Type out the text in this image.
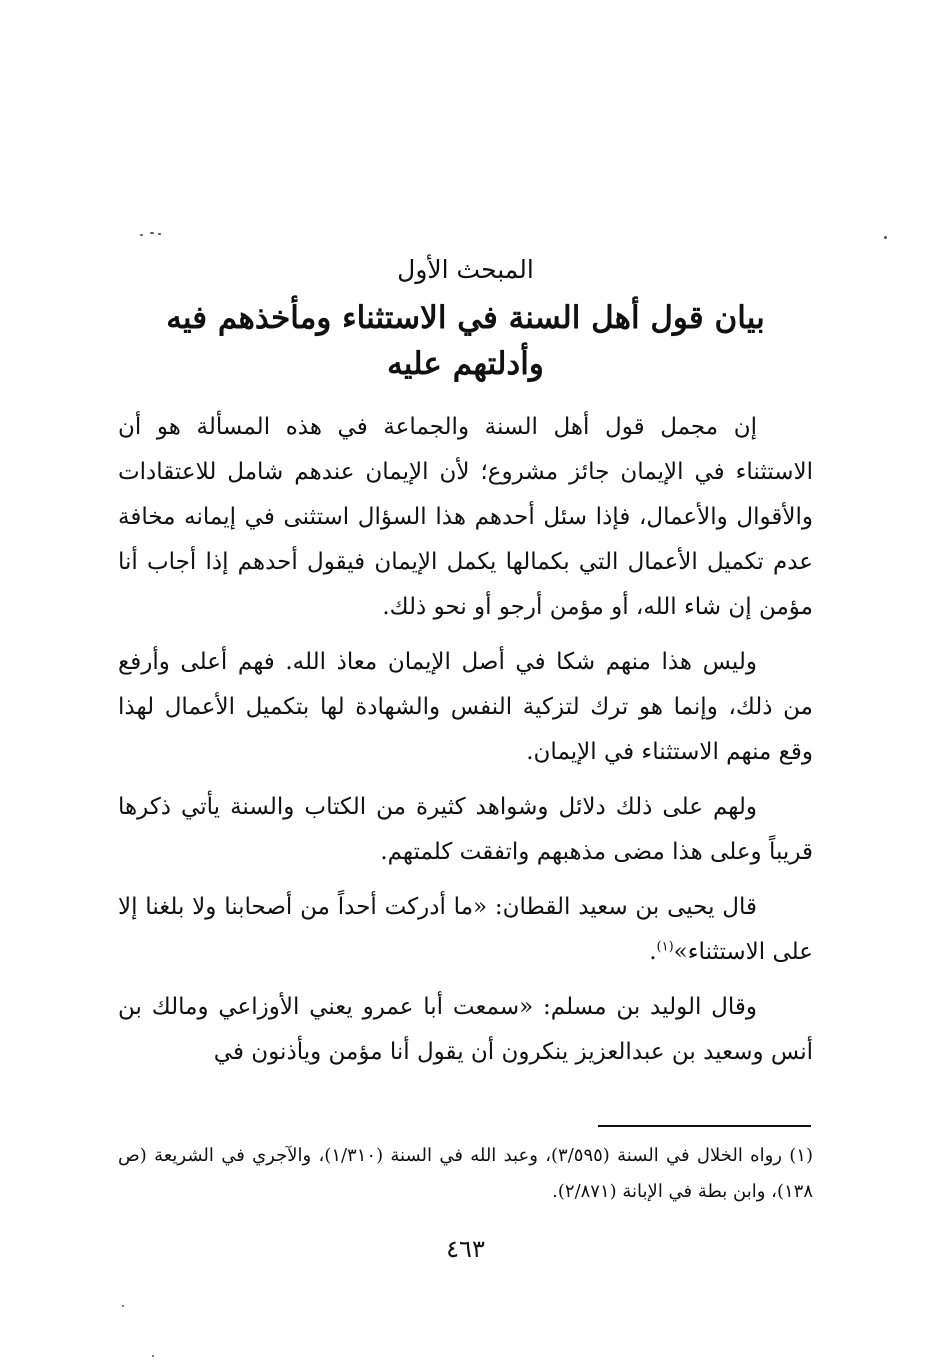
المبحث الأول
بيان قول أهل السنة في الاستثناء ومأخذهم فيه
وأدلتهم عليه

إن مجمل قول أهل السنة والجماعة في هذه المسألة هو أن الاستثناء في الإيمان جائز مشروع؛ لأن الإيمان عندهم شامل للاعتقادات والأقوال والأعمال، فإذا سئل أحدهم هذا السؤال استثنى في إيمانه مخافة عدم تكميل الأعمال التي بكمالها يكمل الإيمان فيقول أحدهم إذا أجاب أنا مؤمن إن شاء الله، أو مؤمن أرجو أو نحو ذلك.

وليس هذا منهم شكا في أصل الإيمان معاذ الله. فهم أعلى وأرفع من ذلك، وإنما هو ترك لتزكية النفس والشهادة لها بتكميل الأعمال لهذا وقع منهم الاستثناء في الإيمان.

ولهم على ذلك دلائل وشواهد كثيرة من الكتاب والسنة يأتي ذكرها قريباً وعلى هذا مضى مذهبهم واتفقت كلمتهم.

قال يحيى بن سعيد القطان: «ما أدركت أحداً من أصحابنا ولا بلغنا إلا على الاستثناء»$^{(١)}$.

وقال الوليد بن مسلم: «سمعت أبا عمرو يعني الأوزاعي ومالك بن أنس وسعيد بن عبدالعزيز ينكرون أن يقول أنا مؤمن ويأذنون في

(١) رواه الخلال في السنة (٣/٥٩٥)، وعبد الله في السنة (١/٣١٠)، والآجري في الشريعة (ص ١٣٨)، وابن بطة في الإبانة (٢/٨٧١).
٤٦٣
